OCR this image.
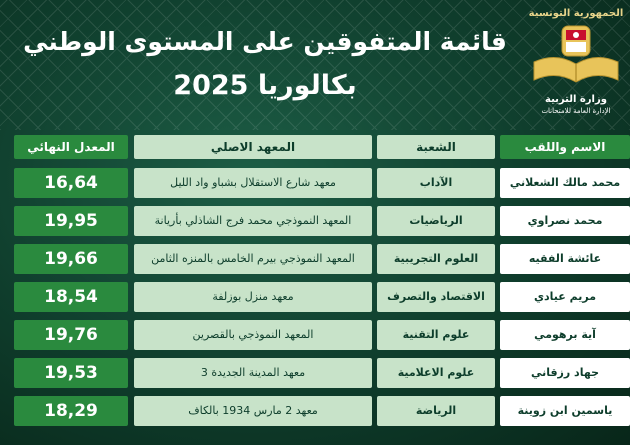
قائمة المتفوقين على المستوى الوطني
بكالوريا 2025
الجمهورية التونسية
وزارة التربية
الإدارة العامة للامتحانات
المعدل النهائي	المعهد الاصلي	الشعبة	الاسم واللقب
16,64	معهد شارع الاستقلال بشباو واد الليل	الآداب	محمد مالك الشعلاني
19,95	المعهد النموذجي محمد فرج الشاذلي بأريانة	الرياضيات	محمد نصراوي
19,66	المعهد النموذجي بيرم الخامس بالمنزه الثامن	العلوم التجريبية	عائشة الفقيه
18,54	معهد منزل بوزلفة	الاقتصاد والتصرف	مريم عيادي
19,76	المعهد النموذجي بالقصرين	علوم التقنية	آية برهومي
19,53	معهد المدينة الجديدة 3	علوم الاعلامية	جهاد رزقاني
18,29	معهد 2 مارس 1934 بالكاف	الرياضة	ياسمين ابن زوينة
